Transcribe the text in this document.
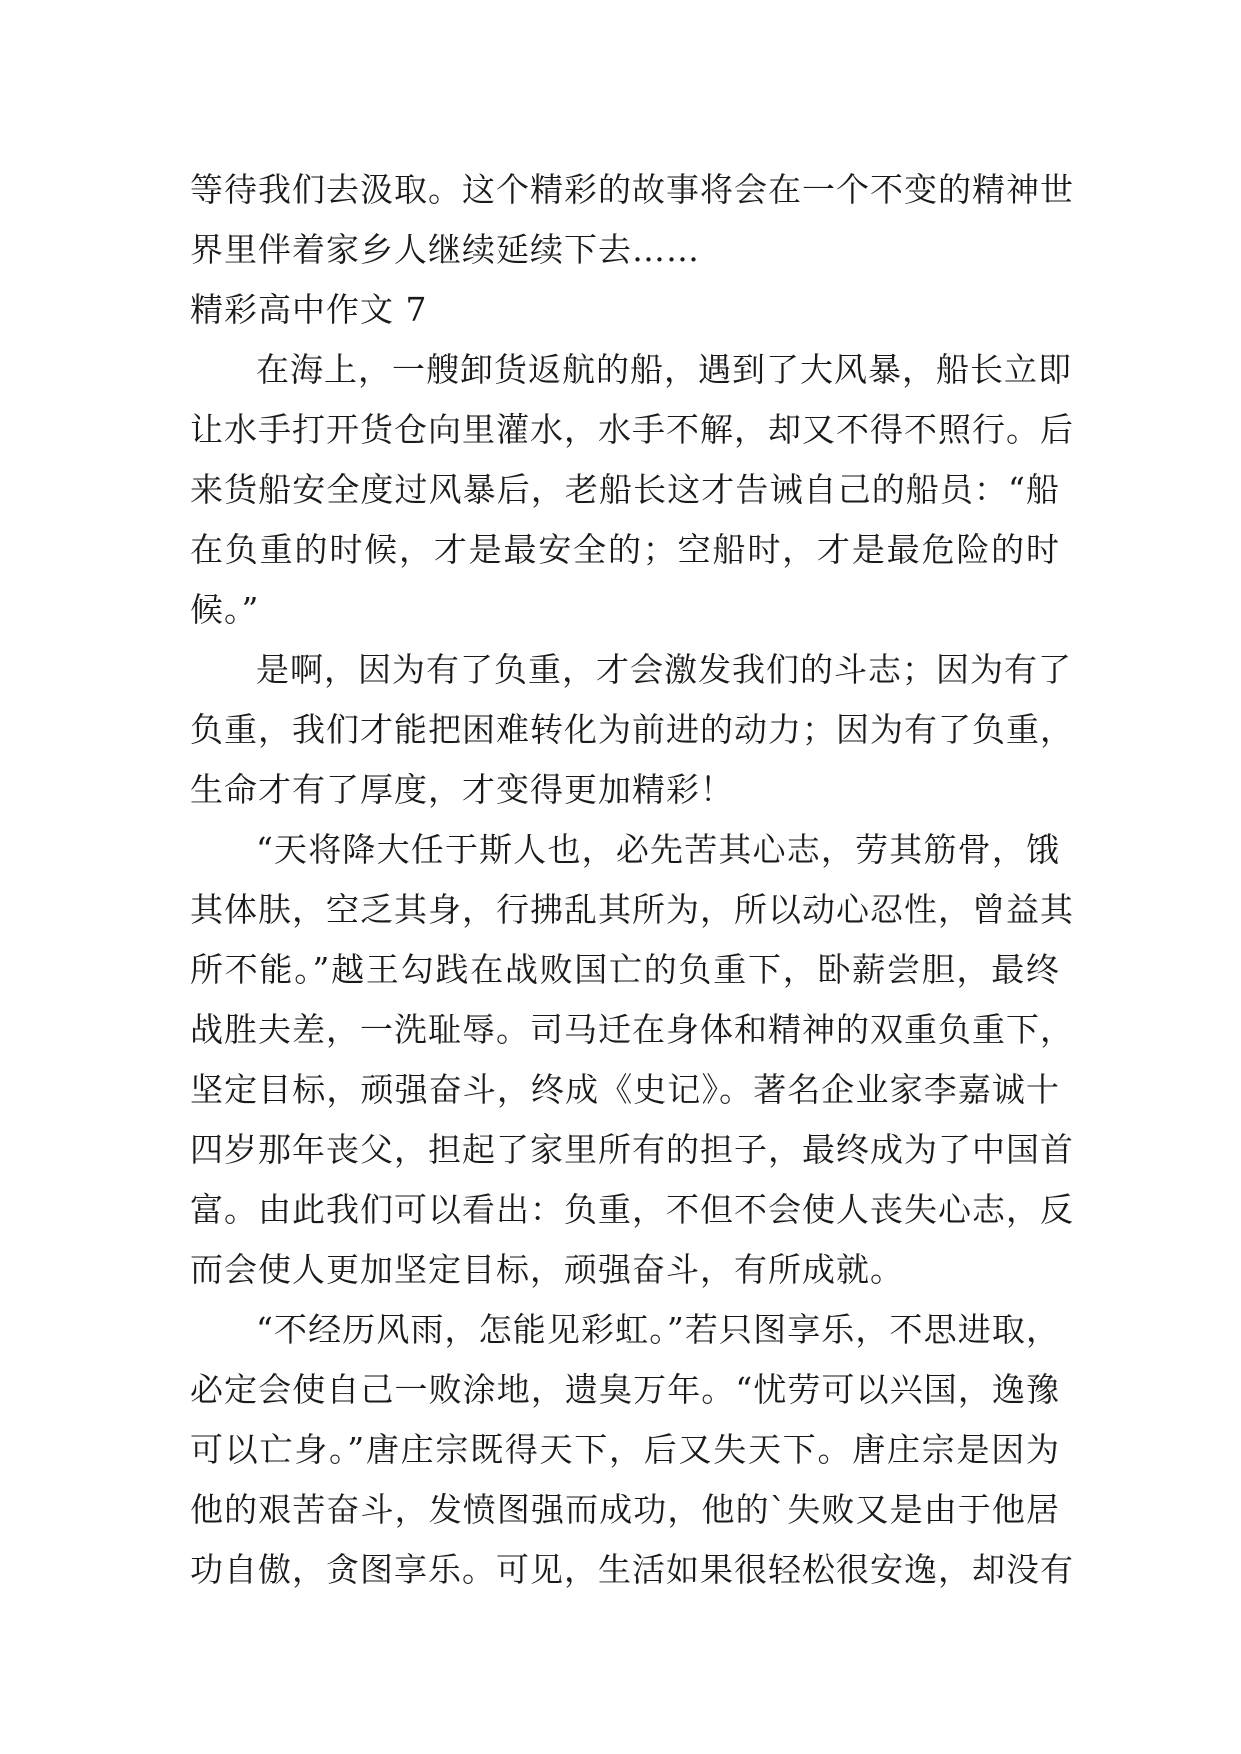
等待我们去汲取。这个精彩的故事将会在一个不变的精神世
界里伴着家乡人继续延续下去……
精彩高中作文 7
在海上，一艘卸货返航的船，遇到了大风暴，船长立即
让水手打开货仓向里灌水，水手不解，却又不得不照行。后
来货船安全度过风暴后，老船长这才告诫自己的船员：“船
在负重的时候，才是最安全的；空船时，才是最危险的时
候。”
是啊，因为有了负重，才会激发我们的斗志；因为有了
负重，我们才能把困难转化为前进的动力；因为有了负重，
生命才有了厚度，才变得更加精彩！
“天将降大任于斯人也，必先苦其心志，劳其筋骨，饿
其体肤，空乏其身，行拂乱其所为，所以动心忍性，曾益其
所不能。”越王勾践在战败国亡的负重下，卧薪尝胆，最终
战胜夫差，一洗耻辱。司马迁在身体和精神的双重负重下，
坚定目标，顽强奋斗，终成《史记》。著名企业家李嘉诚十
四岁那年丧父，担起了家里所有的担子，最终成为了中国首
富。由此我们可以看出：负重，不但不会使人丧失心志，反
而会使人更加坚定目标，顽强奋斗，有所成就。
“不经历风雨，怎能见彩虹。”若只图享乐，不思进取，
必定会使自己一败涂地，遗臭万年。“忧劳可以兴国，逸豫
可以亡身。”唐庄宗既得天下，后又失天下。唐庄宗是因为
他的艰苦奋斗，发愤图强而成功，他的`失败又是由于他居
功自傲，贪图享乐。可见，生活如果很轻松很安逸，却没有
